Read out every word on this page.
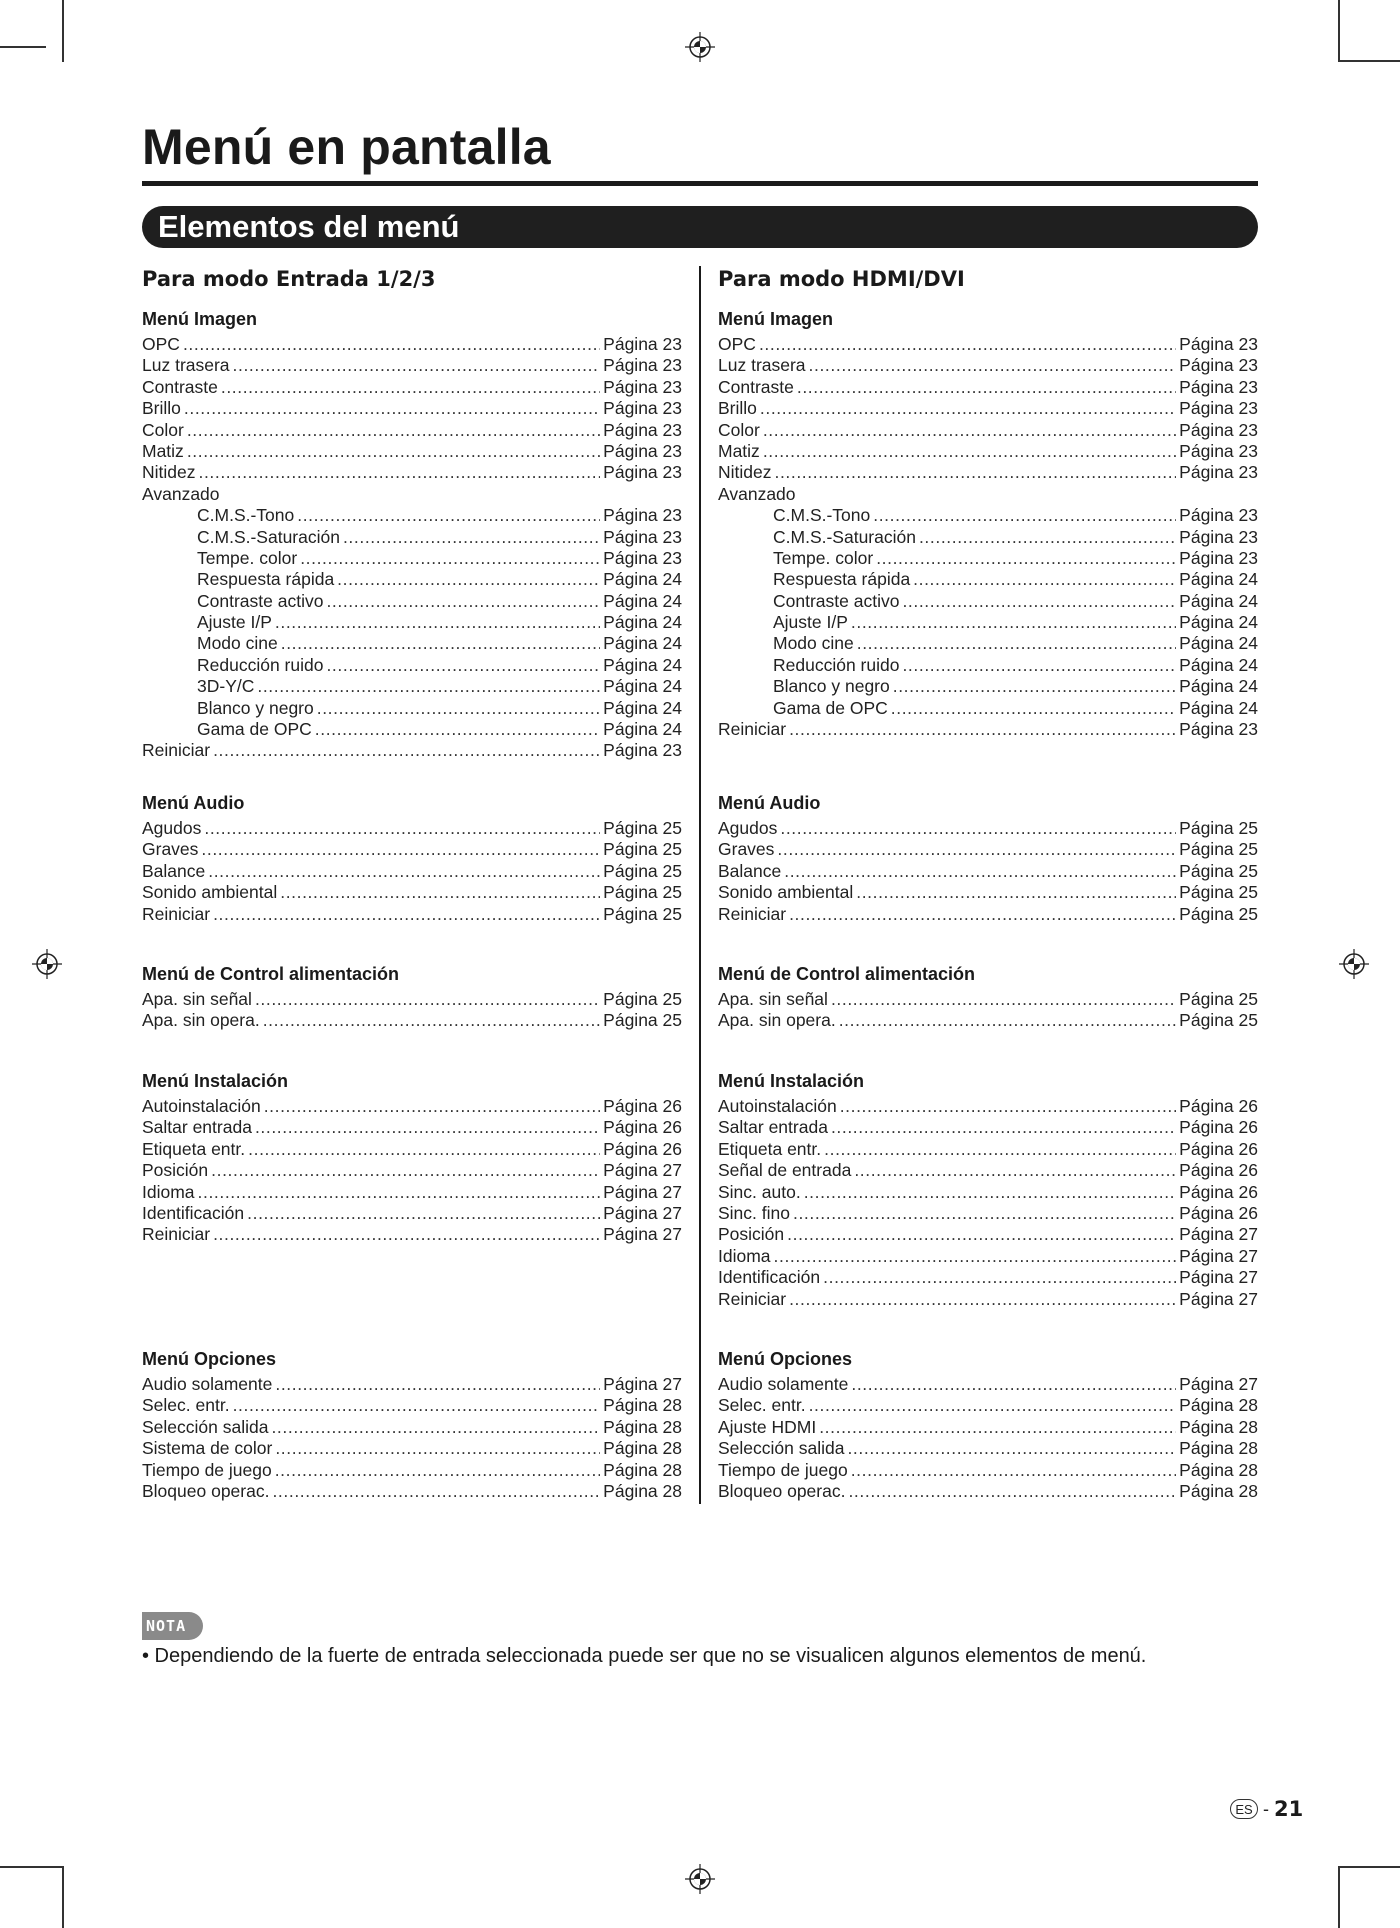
Menú en pantalla
Elementos del menú
Para modo Entrada 1/2/3
Menú Imagen
OPC .....	Página 23
Luz trasera .....	Página 23
Contraste .....	Página 23
Brillo .....	Página 23
Color .....	Página 23
Matiz .....	Página 23
Nitidez .....	Página 23
Avanzado
C.M.S.-Tono .....	Página 23
C.M.S.-Saturación .....	Página 23
Tempe. color .....	Página 23
Respuesta rápida .....	Página 24
Contraste activo .....	Página 24
Ajuste I/P .....	Página 24
Modo cine .....	Página 24
Reducción ruido .....	Página 24
3D-Y/C .....	Página 24
Blanco y negro .....	Página 24
Gama de OPC .....	Página 24
Reiniciar .....	Página 23
Menú Audio
Agudos .....	Página 25
Graves .....	Página 25
Balance .....	Página 25
Sonido ambiental .....	Página 25
Reiniciar .....	Página 25
Menú de Control alimentación
Apa. sin señal .....	Página 25
Apa. sin opera. .....	Página 25
Menú Instalación
Autoinstalación .....	Página 26
Saltar entrada .....	Página 26
Etiqueta entr. .....	Página 26
Posición .....	Página 27
Idioma .....	Página 27
Identificación .....	Página 27
Reiniciar .....	Página 27
Menú Opciones
Audio solamente .....	Página 27
Selec. entr. .....	Página 28
Selección salida .....	Página 28
Sistema de color .....	Página 28
Tiempo de juego .....	Página 28
Bloqueo operac. .....	Página 28
Para modo HDMI/DVI
Menú Imagen
OPC .....	Página 23
Luz trasera .....	Página 23
Contraste .....	Página 23
Brillo .....	Página 23
Color .....	Página 23
Matiz .....	Página 23
Nitidez .....	Página 23
Avanzado
C.M.S.-Tono .....	Página 23
C.M.S.-Saturación .....	Página 23
Tempe. color .....	Página 23
Respuesta rápida .....	Página 24
Contraste activo .....	Página 24
Ajuste I/P .....	Página 24
Modo cine .....	Página 24
Reducción ruido .....	Página 24
Blanco y negro .....	Página 24
Gama de OPC .....	Página 24
Reiniciar .....	Página 23
Menú Audio
Agudos .....	Página 25
Graves .....	Página 25
Balance .....	Página 25
Sonido ambiental .....	Página 25
Reiniciar .....	Página 25
Menú de Control alimentación
Apa. sin señal .....	Página 25
Apa. sin opera. .....	Página 25
Menú Instalación
Autoinstalación .....	Página 26
Saltar entrada .....	Página 26
Etiqueta entr. .....	Página 26
Señal de entrada .....	Página 26
Sinc. auto. .....	Página 26
Sinc. fino .....	Página 26
Posición .....	Página 27
Idioma .....	Página 27
Identificación .....	Página 27
Reiniciar .....	Página 27
Menú Opciones
Audio solamente .....	Página 27
Selec. entr. .....	Página 28
Ajuste HDMI .....	Página 28
Selección salida .....	Página 28
Tiempo de juego .....	Página 28
Bloqueo operac. .....	Página 28
NOTA
• Dependiendo de la fuerte de entrada seleccionada puede ser que no se visualicen algunos elementos de menú.
ES - 21
